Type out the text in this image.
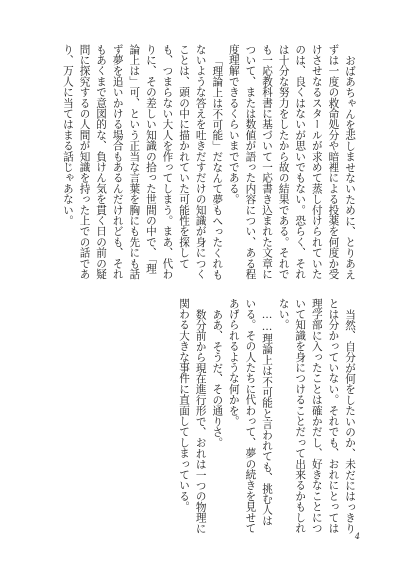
おばあちゃんを悲しませないために、とりあえずは一度の救命処分や暗裡による投薬を何度か受けさせなるスタールが求めて蒸し付けられていたのは、良くはないが思いでもない。恐らく、それは十分な努力をしたから故の結果である。それでも一応教科書に基づいて一応書き込まれた文章について、または数値が語った内容につい、ある程度理解できるくらいまでである。

「理論上は不可能」だなんて夢もへったくれもないような答えを吐きだすだけの知識が身につくことは、頭の中に描かれていた可能性を探しても、つまらない大人を作ってしまう。まあ、代わりに、その差しい知識の拾った世間の中で、「理論上は」可、という正当な言葉を胸にも先にも話ず夢を追いかける場合もあるんだけれども、それもあくまで意図的な、負けん気を貫く日の前の疑問に探究するの人間が知識を持った上での話であり、万人に当てはまる話じゃあない。

当然、自分が何をしたいのか、未だにはっきりとは分かっていない。それでも、おれにとっては理学部に入ったことは確かだし、好きなことについて知識を身につけることだって出来るかもしれない。

……理論上は不可能と言われても、挑む人はいる。その人たちに代わって、夢の続きを見せてあげられるような何かを。

ああ、そうだ、その通りさ。

数分前から現在進行形で、おれは一つの物理に関わる大きな事件に直面してしまっている。

4
